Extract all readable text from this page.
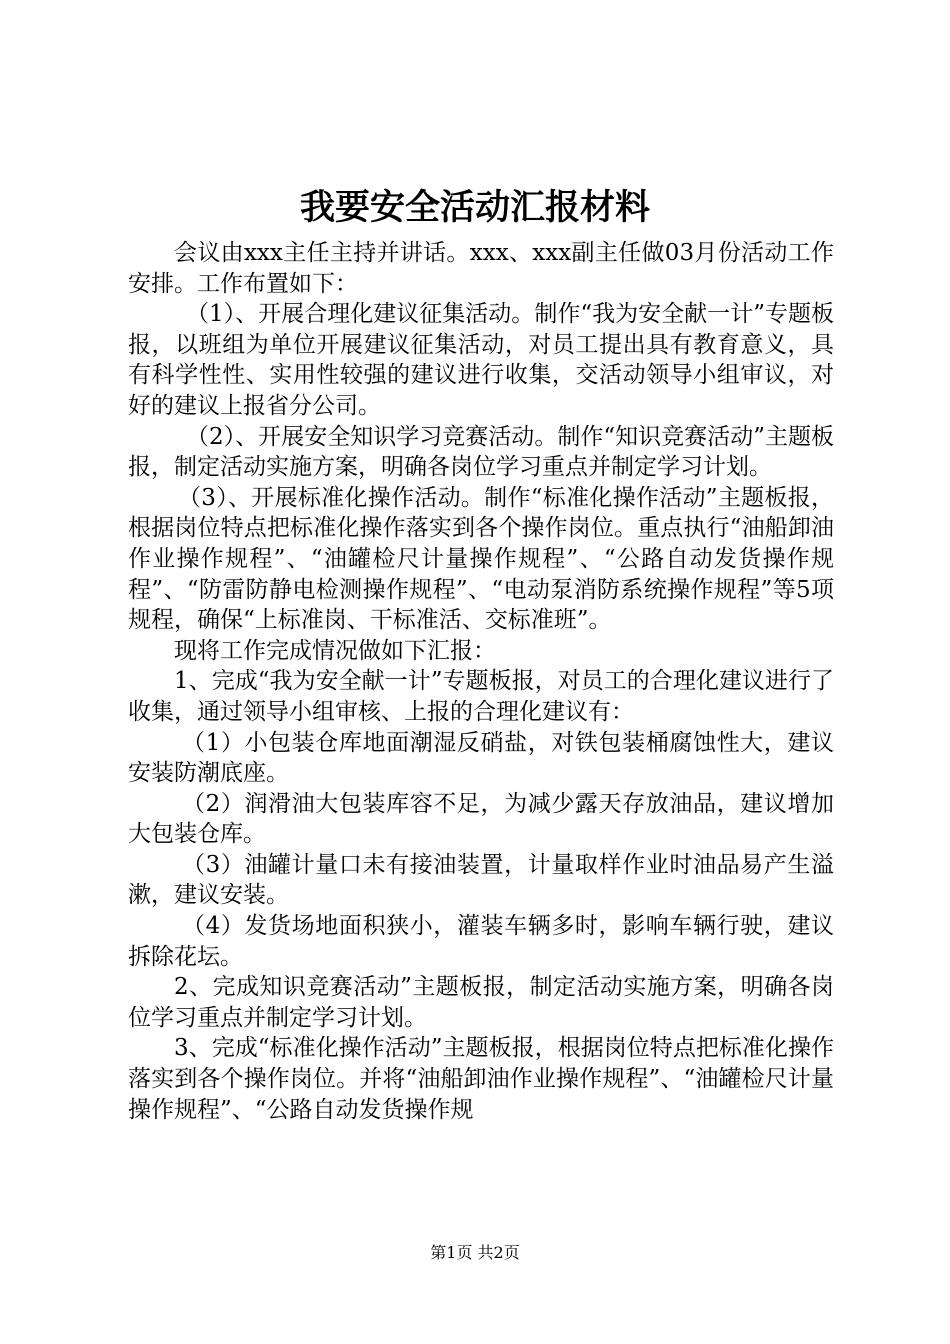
我要安全活动汇报材料

会议由xxx主任主持并讲话。xxx、xxx副主任做03月份活动工作安排。工作布置如下：

（1）、开展合理化建议征集活动。制作“我为安全献一计”专题板报，以班组为单位开展建议征集活动，对员工提出具有教育意义，具有科学性性、实用性较强的建议进行收集，交活动领导小组审议，对好的建议上报省分公司。

（2）、开展安全知识学习竞赛活动。制作“知识竞赛活动”主题板报，制定活动实施方案，明确各岗位学习重点并制定学习计划。

（3）、开展标准化操作活动。制作“标准化操作活动”主题板报，根据岗位特点把标准化操作落实到各个操作岗位。重点执行“油船卸油作业操作规程”、“油罐检尺计量操作规程”、“公路自动发货操作规程”、“防雷防静电检测操作规程”、“电动泵消防系统操作规程”等5项规程，确保“上标准岗、干标准活、交标准班”。

现将工作完成情况做如下汇报：

1、完成“我为安全献一计”专题板报，对员工的合理化建议进行了收集，通过领导小组审核、上报的合理化建议有：

（1）小包装仓库地面潮湿反硝盐，对铁包装桶腐蚀性大，建议安装防潮底座。

（2）润滑油大包装库容不足，为减少露天存放油品，建议增加大包装仓库。

（3）油罐计量口未有接油装置，计量取样作业时油品易产生溢漱，建议安装。

（4）发货场地面积狭小，灌装车辆多时，影响车辆行驶，建议拆除花坛。

2、完成知识竞赛活动”主题板报，制定活动实施方案，明确各岗位学习重点并制定学习计划。

3、完成“标准化操作活动”主题板报，根据岗位特点把标准化操作落实到各个操作岗位。并将“油船卸油作业操作规程”、“油罐检尺计量操作规程”、“公路自动发货操作规

第1页 共2页
